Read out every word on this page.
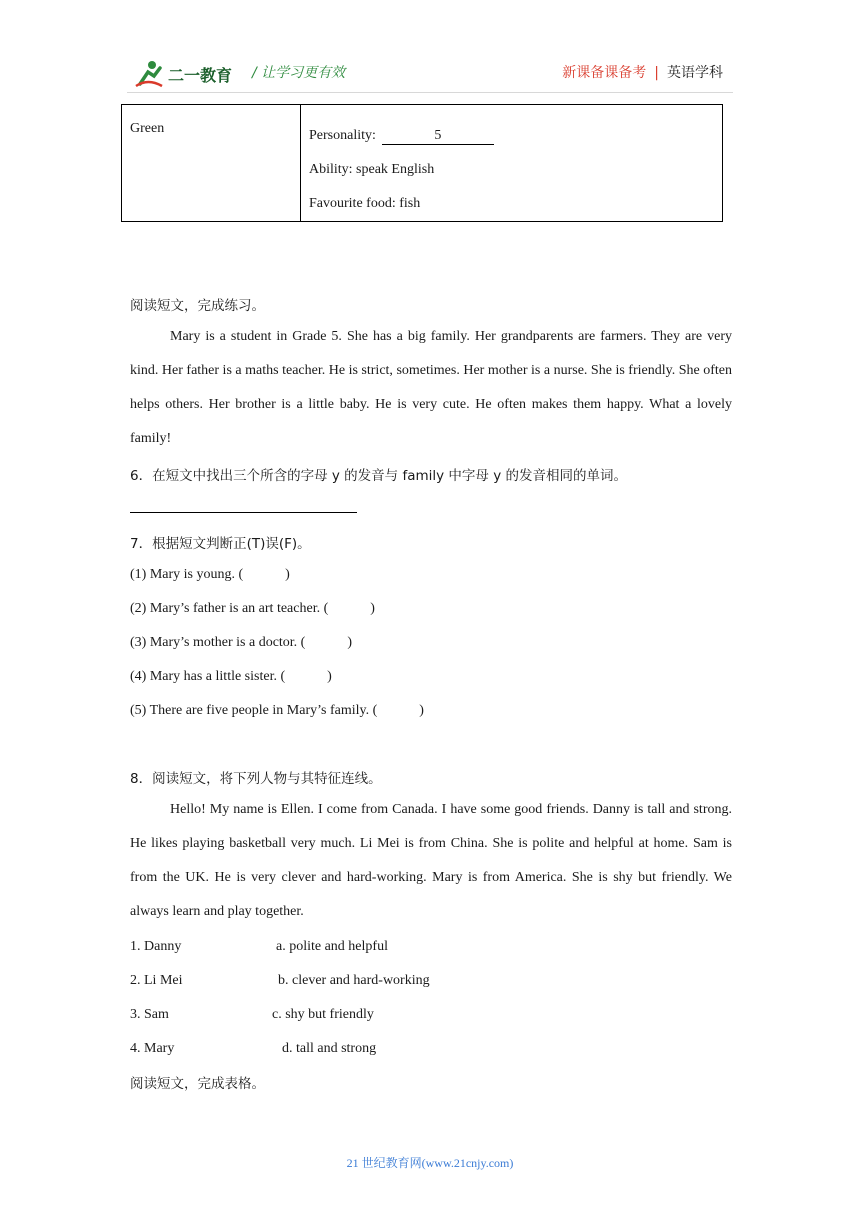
二一教育 / 让学习更有效	新课备课备考 | 英语学科
Green	Personality:	5
Ability: speak English
Favourite food: fish
阅读短文，完成练习。
Mary is a student in Grade 5. She has a big family. Her grandparents are farmers. They are very kind. Her father is a maths teacher. He is strict, sometimes. Her mother is a nurse. She is friendly. She often helps others. Her brother is a little baby. He is very cute. He often makes them happy. What a lovely family!
6．在短文中找出三个所含的字母 y 的发音与 family 中字母 y 的发音相同的单词。
7．根据短文判断正(T)误(F)。
(1) Mary is young. (            )
(2) Mary’s father is an art teacher. (            )
(3) Mary’s mother is a doctor. (            )
(4) Mary has a little sister. (            )
(5) There are five people in Mary’s family. (            )
8．阅读短文，将下列人物与其特征连线。
Hello! My name is Ellen. I come from Canada. I have some good friends. Danny is tall and strong. He likes playing basketball very much. Li Mei is from China. She is polite and helpful at home. Sam is from the UK. He is very clever and hard-working. Mary is from America. She is shy but friendly. We always learn and play together.
1. Danny	a. polite and helpful
2. Li Mei	b. clever and hard-working
3. Sam	c. shy but friendly
4. Mary	d. tall and strong
阅读短文，完成表格。
21 世纪教育网(www.21cnjy.com)
